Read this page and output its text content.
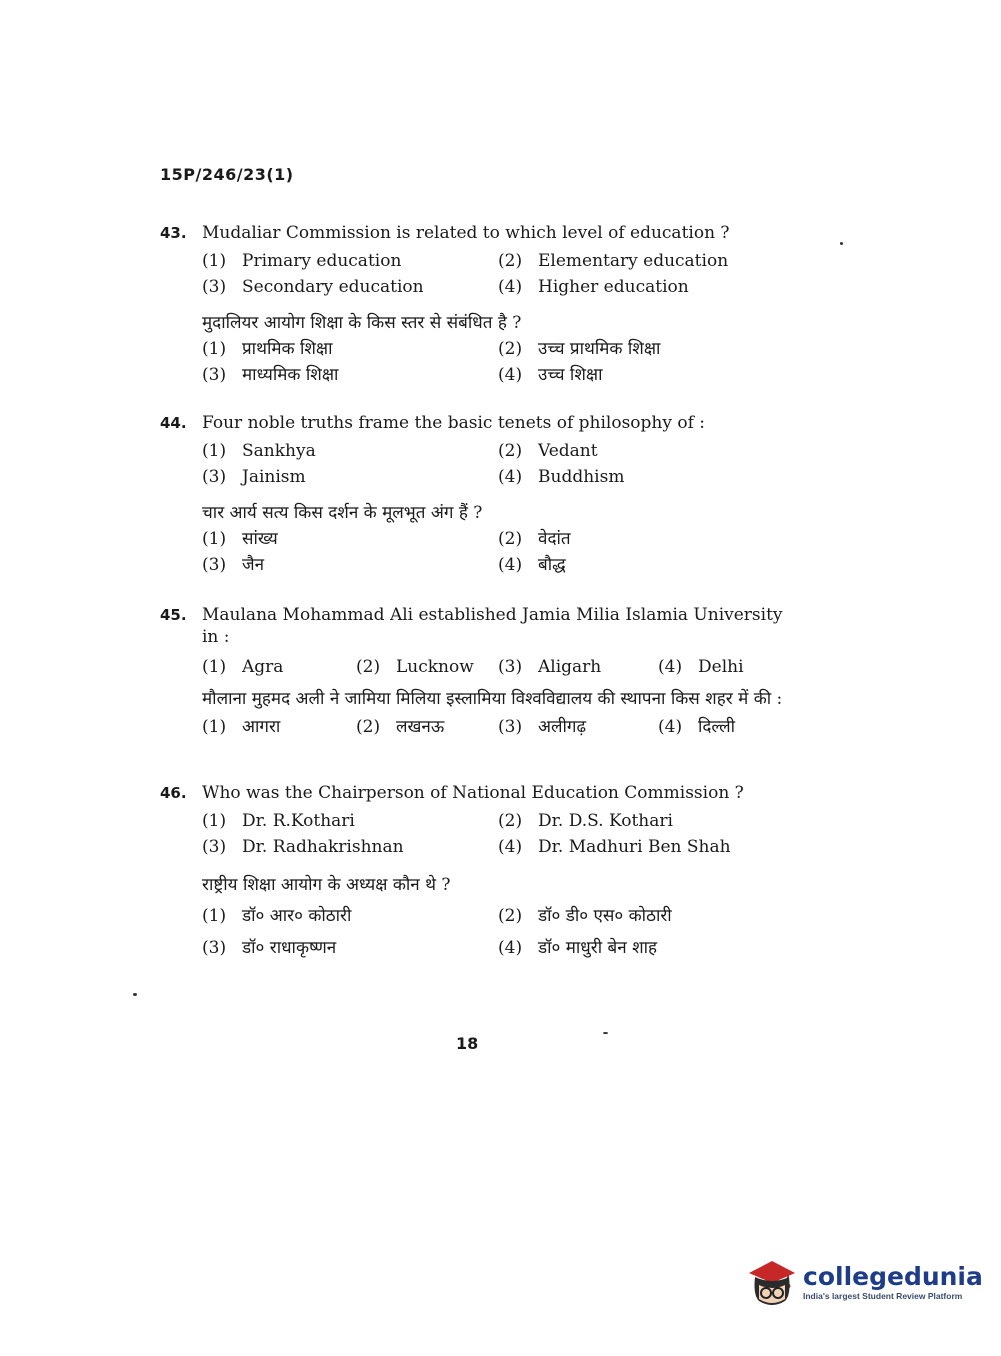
15P/246/23(1)
43. Mudaliar Commission is related to which level of education ?
(1) Primary education	(2) Elementary education
(3) Secondary education	(4) Higher education
मुदालियर आयोग शिक्षा के किस स्तर से संबंधित है ?
(1) प्राथमिक शिक्षा	(2) उच्च प्राथमिक शिक्षा
(3) माध्यमिक शिक्षा	(4) उच्च शिक्षा
44. Four noble truths frame the basic tenets of philosophy of :
(1) Sankhya	(2) Vedant
(3) Jainism	(4) Buddhism
चार आर्य सत्य किस दर्शन के मूलभूत अंग हैं ?
(1) सांख्य	(2) वेदांत
(3) जैन	(4) बौद्ध
45. Maulana Mohammad Ali established Jamia Milia Islamia University in :
(1) Agra	(2) Lucknow (3) Aligarh	(4) Delhi
मौलाना मुहमद अली ने जामिया मिलिया इस्लामिया विश्वविद्यालय की स्थापना किस शहर में की :
(1) आगरा	(2) लखनऊ	(3) अलीगढ़	(4) दिल्ली
46. Who was the Chairperson of National Education Commission ?
(1) Dr. R.Kothari	(2) Dr. D.S. Kothari
(3) Dr. Radhakrishnan	(4) Dr. Madhuri Ben Shah
राष्ट्रीय शिक्षा आयोग के अध्यक्ष कौन थे ?
(1) डॉ० आर० कोठारी	(2) डॉ० डी० एस० कोठारी
(3) डॉ० राधाकृष्णन	(4) डॉ० माधुरी बेन शाह
18
collegedunia
India's largest Student Review Platform
